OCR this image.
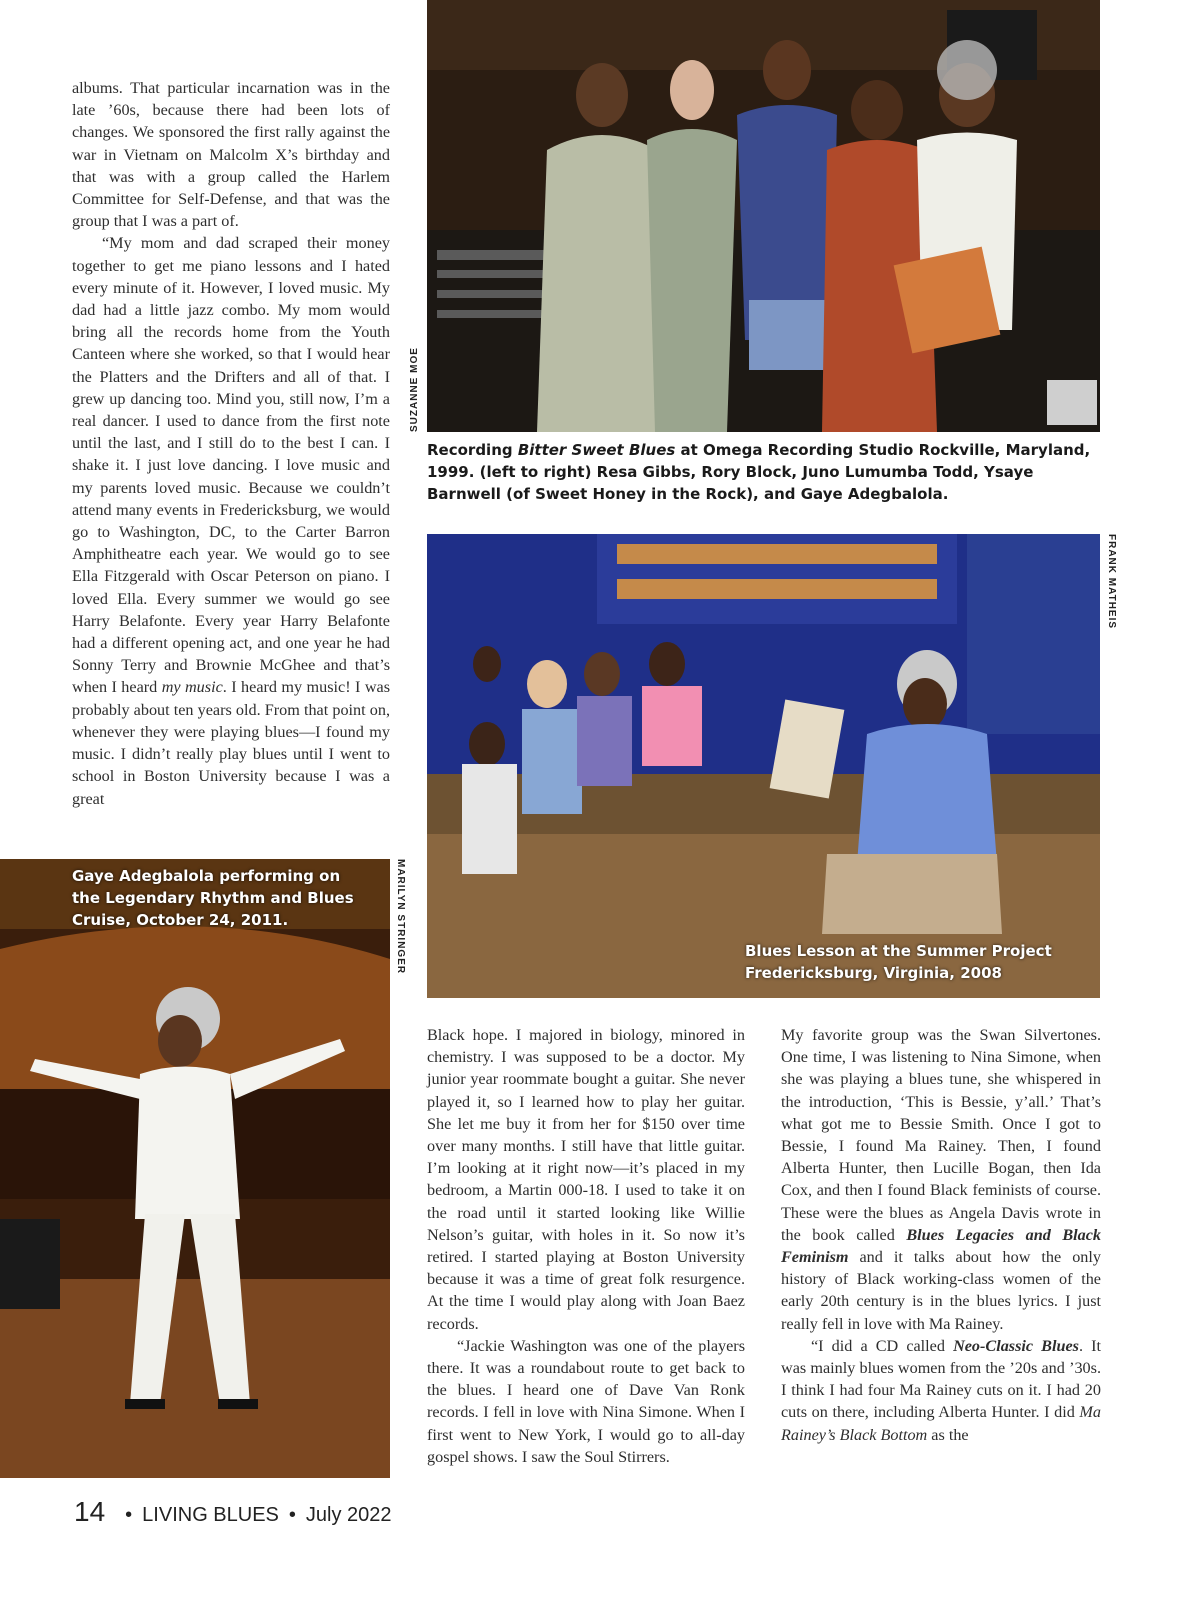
albums. That particular incarnation was in the late ’60s, because there had been lots of changes. We sponsored the first rally against the war in Vietnam on Malcolm X’s birthday and that was with a group called the Harlem Committee for Self-Defense, and that was the group that I was a part of.

“My mom and dad scraped their money together to get me piano lessons and I hated every minute of it. However, I loved music. My dad had a little jazz combo. My mom would bring all the records home from the Youth Canteen where she worked, so that I would hear the Platters and the Drifters and all of that. I grew up dancing too. Mind you, still now, I’m a real dancer. I used to dance from the first note until the last, and I still do to the best I can. I shake it. I just love dancing. I love music and my parents loved music. Because we couldn’t attend many events in Fredericksburg, we would go to Washington, DC, to the Carter Barron Amphitheatre each year. We would go to see Ella Fitzgerald with Oscar Peterson on piano. I loved Ella. Every summer we would go see Harry Belafonte. Every year Harry Belafonte had a different opening act, and one year he had Sonny Terry and Brownie McGhee and that’s when I heard my music. I heard my music! I was probably about ten years old. From that point on, whenever they were playing blues—I found my music. I didn’t really play blues until I went to school in Boston University because I was a great

SUZANNE MOE
Recording Bitter Sweet Blues at Omega Recording Studio Rockville, Maryland, 1999. (left to right) Resa Gibbs, Rory Block, Juno Lumumba Todd, Ysaye Barnwell (of Sweet Honey in the Rock), and Gaye Adegbalola.
FRANK MATHEIS
Blues Lesson at the Summer Project
Fredericksburg, Virginia, 2008
MARILYN STRINGER
Gaye Adegbalola performing on the Legendary Rhythm and Blues Cruise, October 24, 2011.

Black hope. I majored in biology, minored in chemistry. I was supposed to be a doctor. My junior year roommate bought a guitar. She never played it, so I learned how to play her guitar. She let me buy it from her for $150 over time over many months. I still have that little guitar. I’m looking at it right now—it’s placed in my bedroom, a Martin 000-18. I used to take it on the road until it started looking like Willie Nelson’s guitar, with holes in it. So now it’s retired. I started playing at Boston University because it was a time of great folk resurgence. At the time I would play along with Joan Baez records.

“Jackie Washington was one of the players there. It was a roundabout route to get back to the blues. I heard one of Dave Van Ronk records. I fell in love with Nina Simone. When I first went to New York, I would go to all-day gospel shows. I saw the Soul Stirrers.

My favorite group was the Swan Silvertones. One time, I was listening to Nina Simone, when she was playing a blues tune, she whispered in the introduction, ‘This is Bessie, y’all.’ That’s what got me to Bessie Smith. Once I got to Bessie, I found Ma Rainey. Then, I found Alberta Hunter, then Lucille Bogan, then Ida Cox, and then I found Black feminists of course. These were the blues as Angela Davis wrote in the book called Blues Legacies and Black Feminism and it talks about how the only history of Black working-class women of the early 20th century is in the blues lyrics. I just really fell in love with Ma Rainey.

“I did a CD called Neo-Classic Blues. It was mainly blues women from the ’20s and ’30s. I think I had four Ma Rainey cuts on it. I had 20 cuts on there, including Alberta Hunter. I did Ma Rainey’s Black Bottom as the

14 • LIVING BLUES • July 2022
